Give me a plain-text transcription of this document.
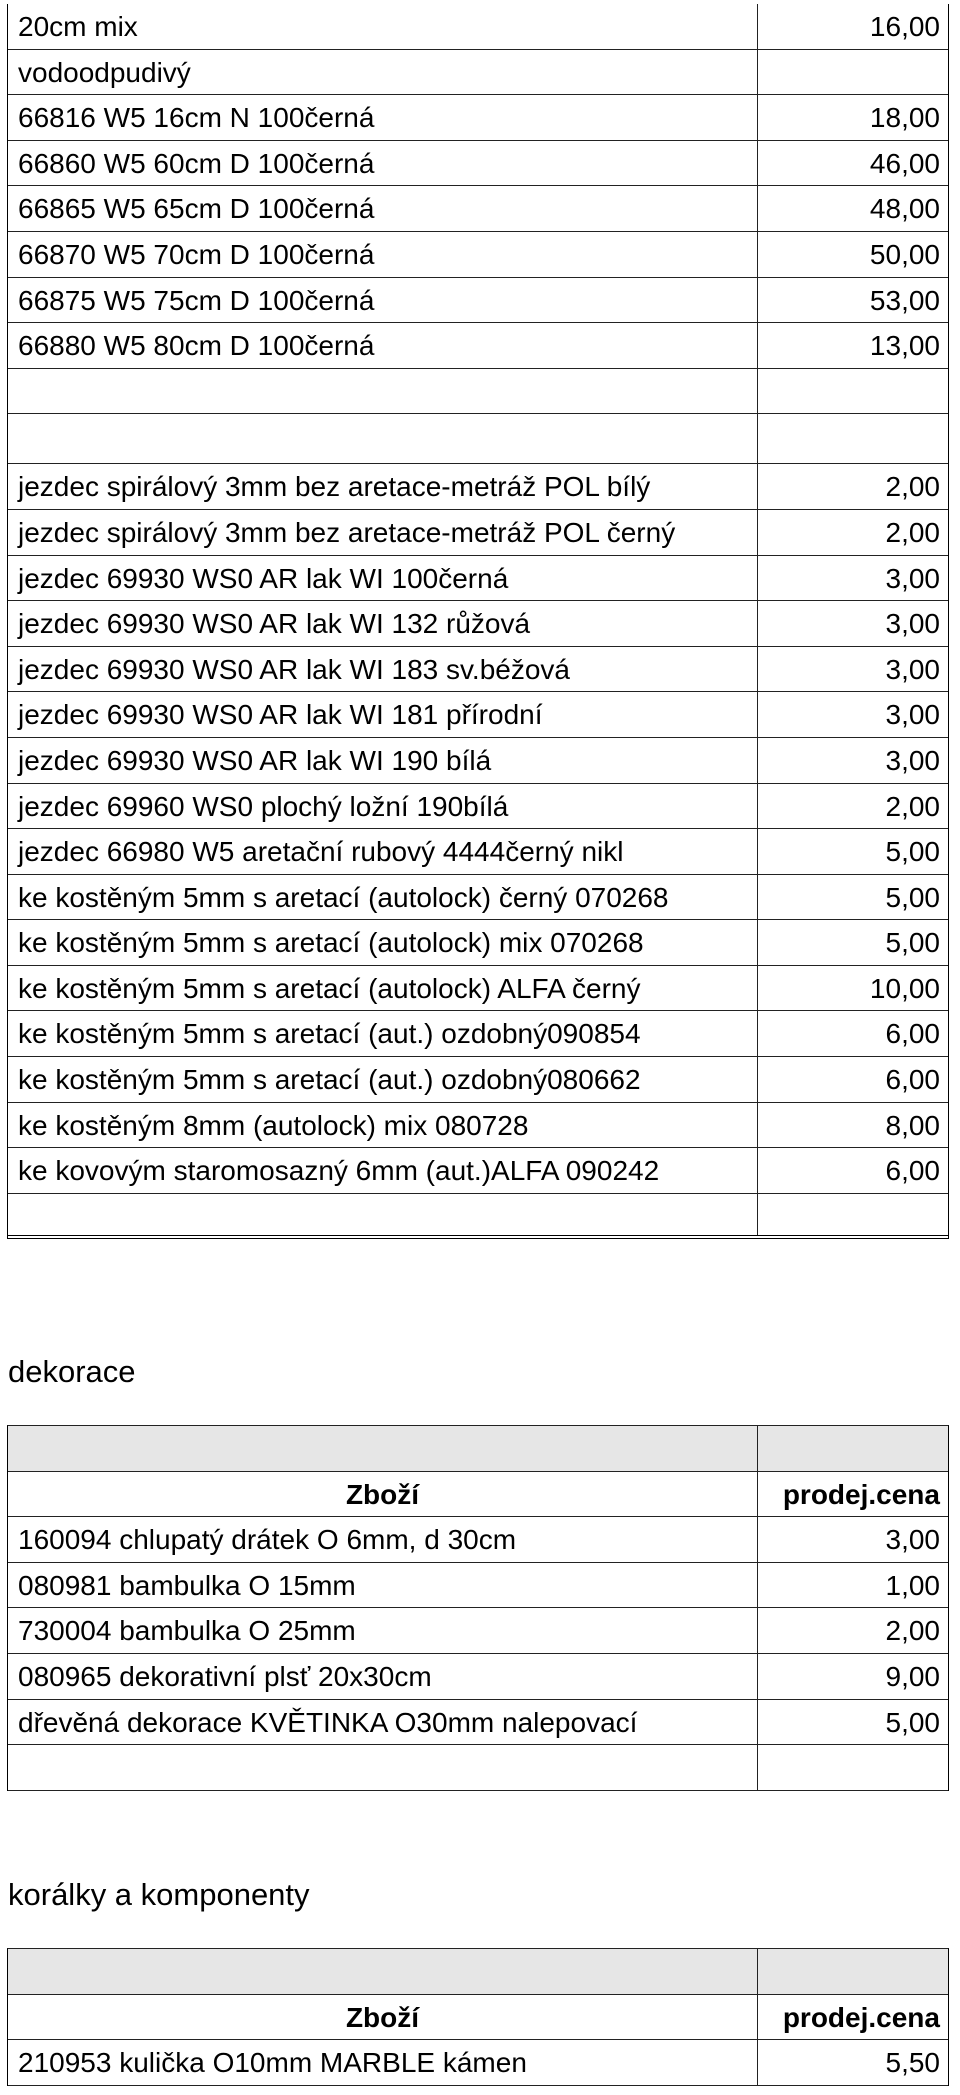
20cm mix	16,00
vodoodpudivý
66816 W5 16cm N 100černá	18,00
66860 W5 60cm D 100černá	46,00
66865 W5 65cm D 100černá	48,00
66870 W5 70cm D 100černá	50,00
66875 W5 75cm D 100černá	53,00
66880 W5 80cm D 100černá	13,00
jezdec spirálový 3mm bez aretace-metráž POL bílý	2,00
jezdec spirálový 3mm bez aretace-metráž POL černý	2,00
jezdec 69930 WS0 AR lak WI 100černá	3,00
jezdec 69930 WS0 AR lak WI 132 růžová	3,00
jezdec 69930 WS0 AR lak WI 183 sv.béžová	3,00
jezdec 69930 WS0 AR lak WI 181 přírodní	3,00
jezdec 69930 WS0 AR lak WI 190 bílá	3,00
jezdec 69960 WS0 plochý ložní 190bílá	2,00
jezdec 66980 W5 aretační rubový 4444černý nikl	5,00
ke kostěným 5mm s aretací (autolock) černý 070268	5,00
ke kostěným 5mm s aretací (autolock) mix 070268	5,00
ke kostěným 5mm s aretací (autolock) ALFA černý	10,00
ke kostěným 5mm s aretací (aut.) ozdobný090854	6,00
ke kostěným 5mm s aretací (aut.) ozdobný080662	6,00
ke kostěným 8mm (autolock) mix 080728	8,00
ke kovovým staromosazný 6mm (aut.)ALFA 090242	6,00
dekorace
Zboží	prodej.cena
160094 chlupatý drátek O 6mm, d 30cm	3,00
080981 bambulka O 15mm	1,00
730004 bambulka O 25mm	2,00
080965 dekorativní plsť 20x30cm	9,00
dřevěná dekorace KVĚTINKA O30mm nalepovací	5,00
korálky a komponenty
Zboží	prodej.cena
210953 kulička O10mm MARBLE kámen	5,50
